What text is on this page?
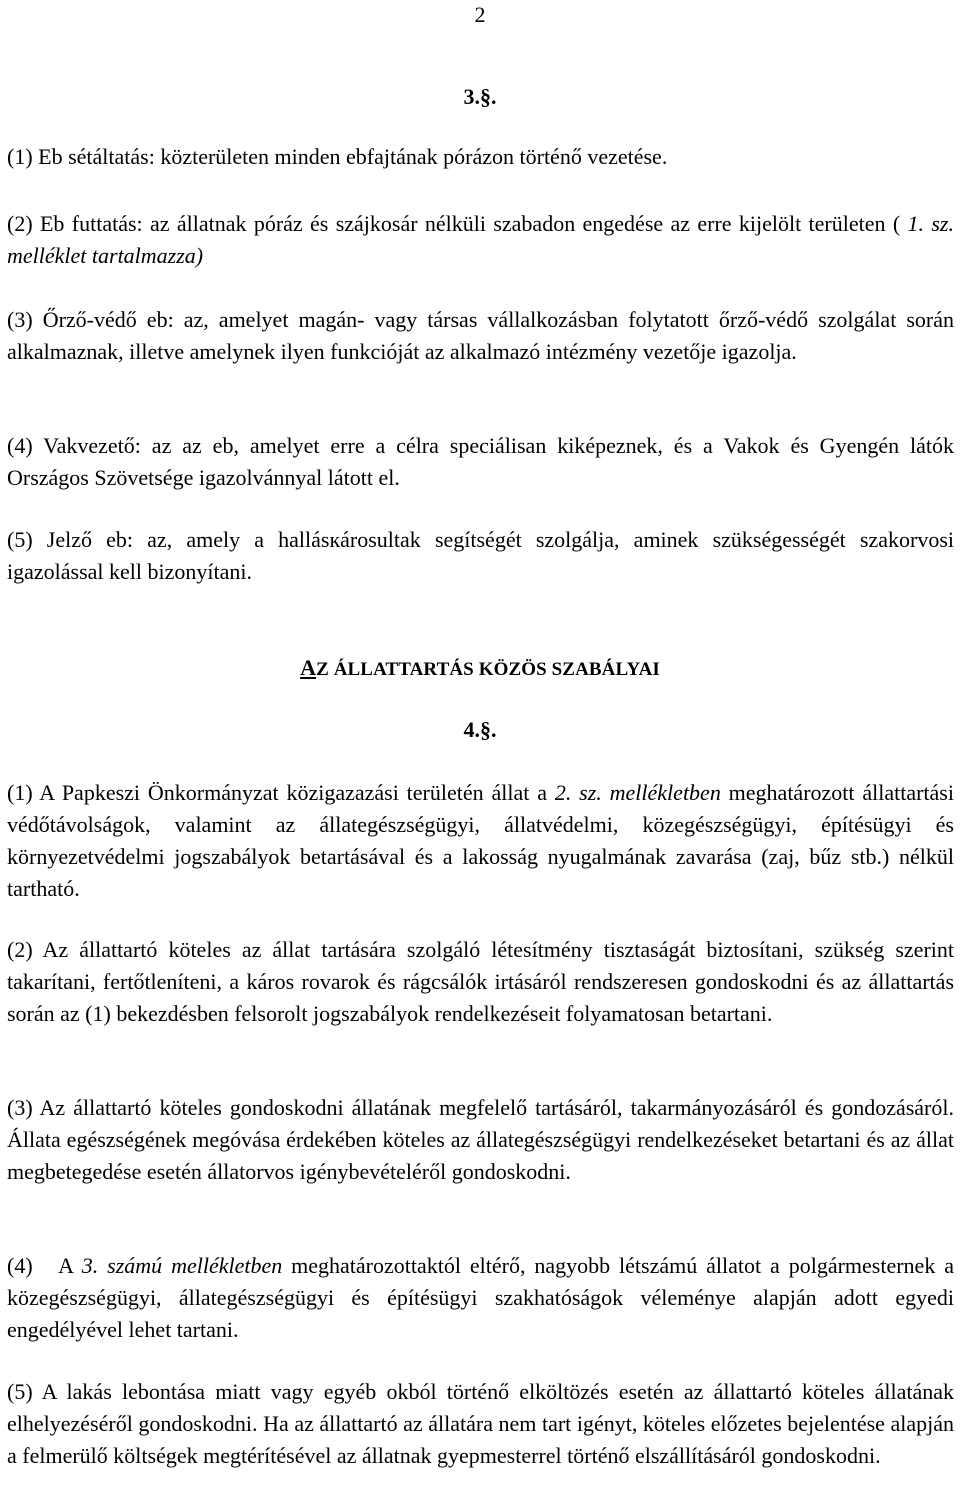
2
3.§.

(1) Eb sétáltatás: közterületen minden ebfajtának pórázon történő vezetése.

(2) Eb futtatás: az állatnak póráz és szájkosár nélküli szabadon engedése az erre kijelölt területen ( 1. sz. melléklet tartalmazza)

(3) Őrző-védő eb: az, amelyet magán- vagy társas vállalkozásban folytatott őrző-védő szolgálat során alkalmaznak, illetve amelynek ilyen funkcióját az alkalmazó intézmény vezetője igazolja.

(4) Vakvezető: az az eb, amelyet erre a célra speciálisan kiképeznek, és a Vakok és Gyengén látók Országos Szövetsége igazolvánnyal látott el.

(5) Jelző eb: az, amely a hallásкárosultak segítségét szolgálja, aminek szükségességét szakorvosi igazolással kell bizonyítani.

AZ ÁLLATTARTÁS KÖZÖS SZABÁLYAI
4.§.

(1) A Papkeszi Önkormányzat közigazazási területén állat a 2. sz. mellékletben meghatározott állattartási védőtávolságok, valamint az állategészségügyi, állatvédelmi, közegészségügyi, építésügyi és környezetvédelmi jogszabályok betartásával és a lakosság nyugalmának zavarása (zaj, bűz stb.) nélkül tartható.

(2) Az állattartó köteles az állat tartására szolgáló létesítmény tisztaságát biztosítani, szükség szerint takarítani, fertőtleníteni, a káros rovarok és rágcsálók irtásáról rendszeresen gondoskodni és az állattartás során az (1) bekezdésben felsorolt jogszabályok rendelkezéseit folyamatosan betartani.

(3) Az állattartó köteles gondoskodni állatának megfelelő tartásáról, takarmányozásáról és gondozásáról. Állata egészségének megóvása érdekében köteles az állategészségügyi rendelkezéseket betartani és az állat megbetegedése esetén állatorvos igénybevételéről gondoskodni.

(4)   A 3. számú mellékletben meghatározottaktól eltérő, nagyobb létszámú állatot a polgármesternek a közegészségügyi, állategészségügyi és építésügyi szakhatóságok véleménye alapján adott egyedi engedélyével lehet tartani.

(5) A lakás lebontása miatt vagy egyéb okból történő elköltözés esetén az állattartó köteles állatának elhelyezéséről gondoskodni. Ha az állattartó az állatára nem tart igényt, köteles előzetes bejelentése alapján a felmerülő költségek megtérítésével az állatnak gyepmesterrel történő elszállításáról gondoskodni.
